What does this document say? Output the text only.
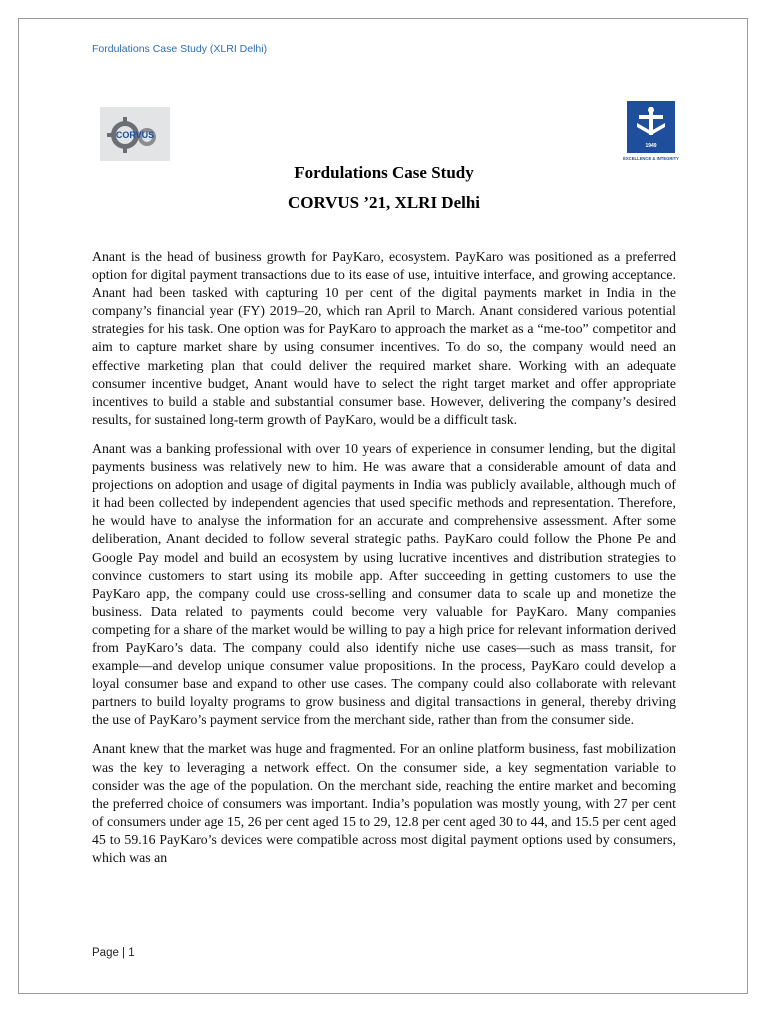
Fordulations Case Study (XLRI Delhi)
CORVUS
1949
EXCELLENCE & INTEGRITY
Fordulations Case Study
CORVUS ’21, XLRI Delhi

Anant is the head of business growth for PayKaro, ecosystem. PayKaro was positioned as a preferred option for digital payment transactions due to its ease of use, intuitive interface, and growing acceptance. Anant had been tasked with capturing 10 per cent of the digital payments market in India in the company’s financial year (FY) 2019–20, which ran April to March. Anant considered various potential strategies for his task. One option was for PayKaro to approach the market as a “me-too” competitor and aim to capture market share by using consumer incentives. To do so, the company would need an effective marketing plan that could deliver the required market share. Working with an adequate consumer incentive budget, Anant would have to select the right target market and offer appropriate incentives to build a stable and substantial consumer base. However, delivering the company’s desired results, for sustained long-term growth of PayKaro, would be a difficult task.

Anant was a banking professional with over 10 years of experience in consumer lending, but the digital payments business was relatively new to him. He was aware that a considerable amount of data and projections on adoption and usage of digital payments in India was publicly available, although much of it had been collected by independent agencies that used specific methods and representation. Therefore, he would have to analyse the information for an accurate and comprehensive assessment. After some deliberation, Anant decided to follow several strategic paths. PayKaro could follow the Phone Pe and Google Pay model and build an ecosystem by using lucrative incentives and distribution strategies to convince customers to start using its mobile app. After succeeding in getting customers to use the PayKaro app, the company could use cross-selling and consumer data to scale up and monetize the business. Data related to payments could become very valuable for PayKaro. Many companies competing for a share of the market would be willing to pay a high price for relevant information derived from PayKaro’s data. The company could also identify niche use cases—such as mass transit, for example—and develop unique consumer value propositions. In the process, PayKaro could develop a loyal consumer base and expand to other use cases. The company could also collaborate with relevant partners to build loyalty programs to grow business and digital transactions in general, thereby driving the use of PayKaro’s payment service from the merchant side, rather than from the consumer side.

Anant knew that the market was huge and fragmented. For an online platform business, fast mobilization was the key to leveraging a network effect. On the consumer side, a key segmentation variable to consider was the age of the population. On the merchant side, reaching the entire market and becoming the preferred choice of consumers was important. India’s population was mostly young, with 27 per cent of consumers under age 15, 26 per cent aged 15 to 29, 12.8 per cent aged 30 to 44, and 15.5 per cent aged 45 to 59.16 PayKaro’s devices were compatible across most digital payment options used by consumers, which was an

Page | 1
